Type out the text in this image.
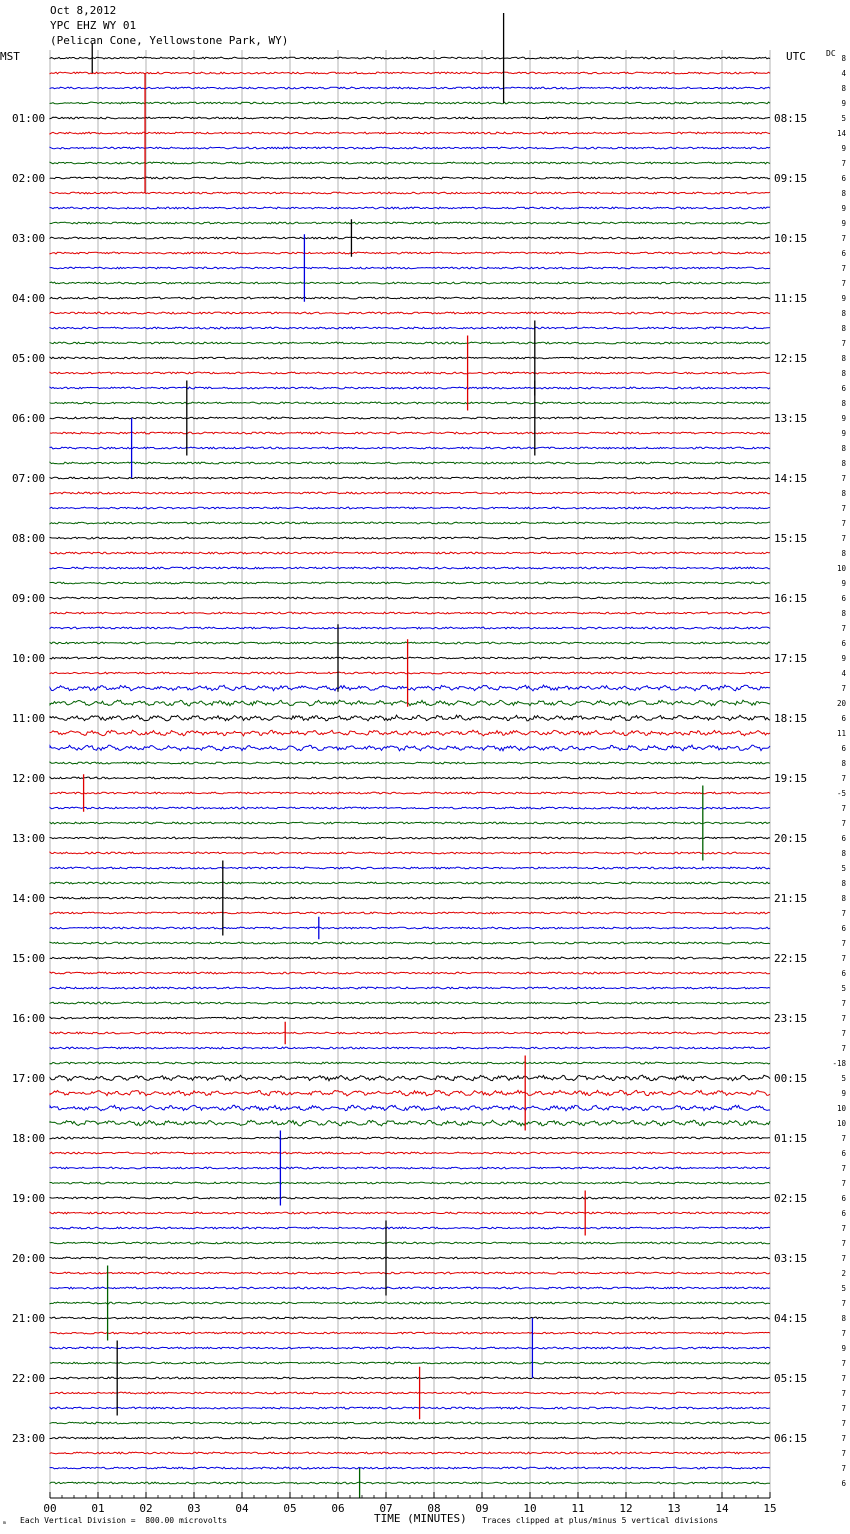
Oct 8,2012
YPC EHZ WY 01
(Pelican Cone, Yellowstone Park, WY)
MST	UTC	DC
01:00
02:00
03:00
04:00
05:00
06:00
07:00
08:00
09:00
10:00
11:00
12:00
13:00
14:00
15:00
16:00
17:00
18:00
19:00
20:00
21:00
22:00
23:00
08:15
09:15
10:15
11:15
12:15
13:15
14:15
15:15
16:15
17:15
18:15
19:15
20:15
21:15
22:15
23:15
00:15
01:15
02:15
03:15
04:15
05:15
06:15
8
4
8
9
5
14
9
7
6
8
9
9
7
6
7
7
9
8
8
7
8
8
6
8
9
9
8
8
7
8
7
7
7
8
10
9
6
8
7
6
9
4
7
20
6
11
6
8
7
-5
7
7
6
8
5
8
8
7
6
7
7
6
5
7
7
7
7
-18
5
9
10
10
7
6
7
7
6
6
7
7
7
2
5
7
8
7
9
7
7
7
7
7
7
7
7
6
00	01	02	03	04	05	06	07	08	09	10	11	12	13	14	15
ₘ Each Vertical Division =  800.00 microvolts	TIME (MINUTES) Traces clipped at plus/minus 5 vertical divisions
